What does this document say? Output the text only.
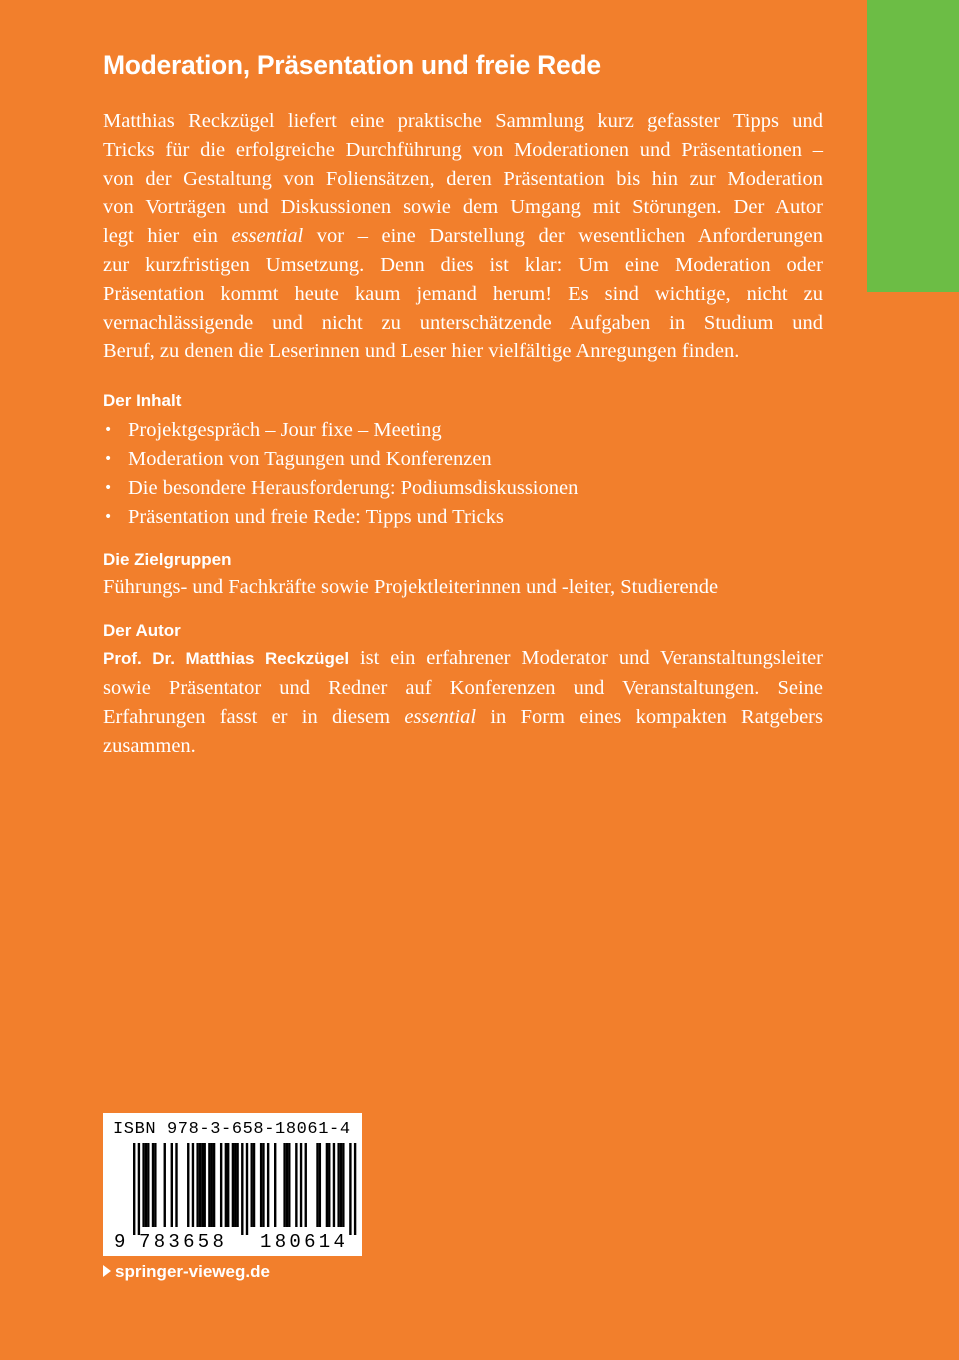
Moderation, Präsentation und freie Rede

Matthias Reckzügel liefert eine praktische Sammlung kurz gefasster Tipps und
Tricks für die erfolgreiche Durchführung von Moderationen und Präsentationen –
von der Gestaltung von Foliensätzen, deren Präsentation bis hin zur Moderation
von Vorträgen und Diskussionen sowie dem Umgang mit Störungen. Der Autor
legt hier ein essential vor – eine Darstellung der wesentlichen Anforderungen
zur kurzfristigen Umsetzung. Denn dies ist klar: Um eine Moderation oder
Präsentation kommt heute kaum jemand herum! Es sind wichtige, nicht zu
vernachlässigende und nicht zu unterschätzende Aufgaben in Studium und
Beruf, zu denen die Leserinnen und Leser hier vielfältige Anregungen finden.

Der Inhalt
• Projektgespräch – Jour fixe – Meeting
• Moderation von Tagungen und Konferenzen
• Die besondere Herausforderung: Podiumsdiskussionen
• Präsentation und freie Rede: Tipps und Tricks
Die Zielgruppen

Führungs- und Fachkräfte sowie Projektleiterinnen und -leiter, Studierende

Der Autor

Prof. Dr. Matthias Reckzügel ist ein erfahrener Moderator und Veranstaltungsleiter
sowie Präsentator und Redner auf Konferenzen und Veranstaltungen. Seine
Erfahrungen fasst er in diesem essential in Form eines kompakten Ratgebers
zusammen.

ISBN 978-3-658-18061-4
9 783658 180614
springer-vieweg.de
